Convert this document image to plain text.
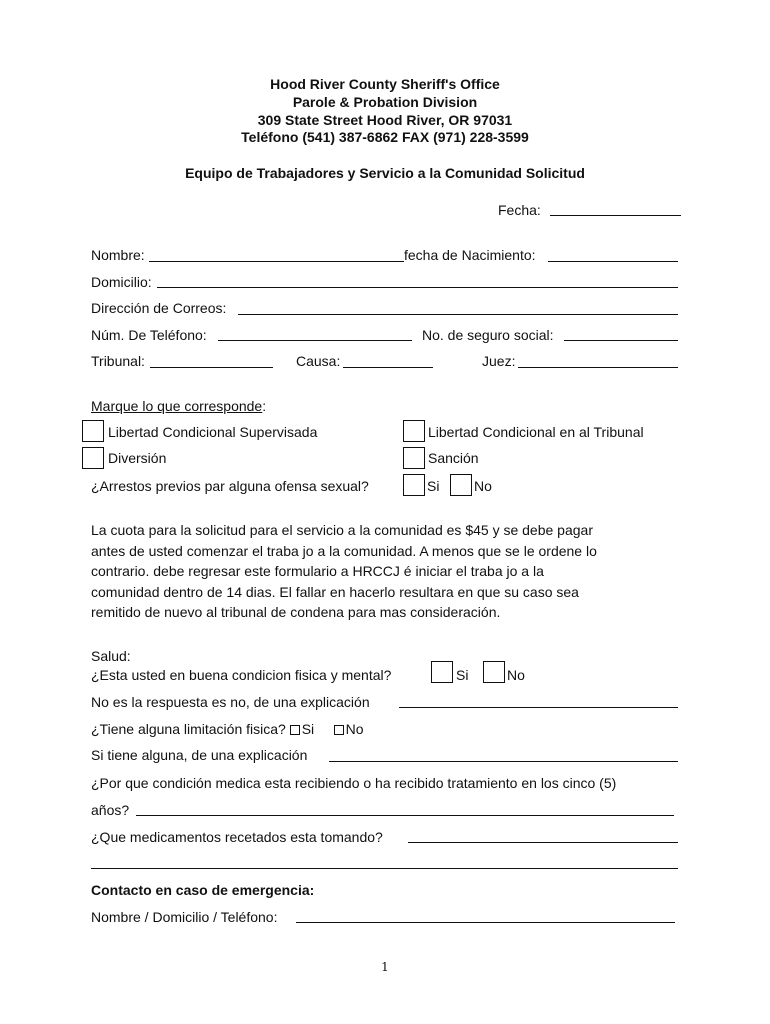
Hood River County Sheriff's Office
Parole & Probation Division
309 State Street Hood River, OR 97031
Teléfono (541) 387-6862 FAX (971) 228-3599
Equipo de Trabajadores y Servicio a la Comunidad Solicitud
Fecha:
Nombre:	fecha de Nacimiento:
Domicilio:
Dirección de Correos:
Núm. De Teléfono:	No. de seguro social:
Tribunal:	Causa:	Juez:
Marque lo que corresponde:
Libertad Condicional Supervisada	Libertad Condicional en al Tribunal
Diversión	Sanción
¿Arrestos previos par alguna ofensa sexual?	Si No
La cuota para la solicitud para el servicio a la comunidad es $45 y se debe pagar
antes de usted comenzar el traba jo a la comunidad. A menos que se le ordene lo
contrario. debe regresar este formulario a HRCCJ é iniciar el traba jo a la
comunidad dentro de 14 dias. El fallar en hacerlo resultara en que su caso sea
remitido de nuevo al tribunal de condena para mas consideración.
Salud:
¿Esta usted en buena condicion fisica y mental?	Si	No
No es la respuesta es no, de una explicación
¿Tiene alguna limitación fisica? Si No
Si tiene alguna, de una explicación
¿Por que condición medica esta recibiendo o ha recibido tratamiento en los cinco (5)
años?
¿Que medicamentos recetados esta tomando?
Contacto en caso de emergencia:
Nombre / Domicilio / Teléfono:
1
